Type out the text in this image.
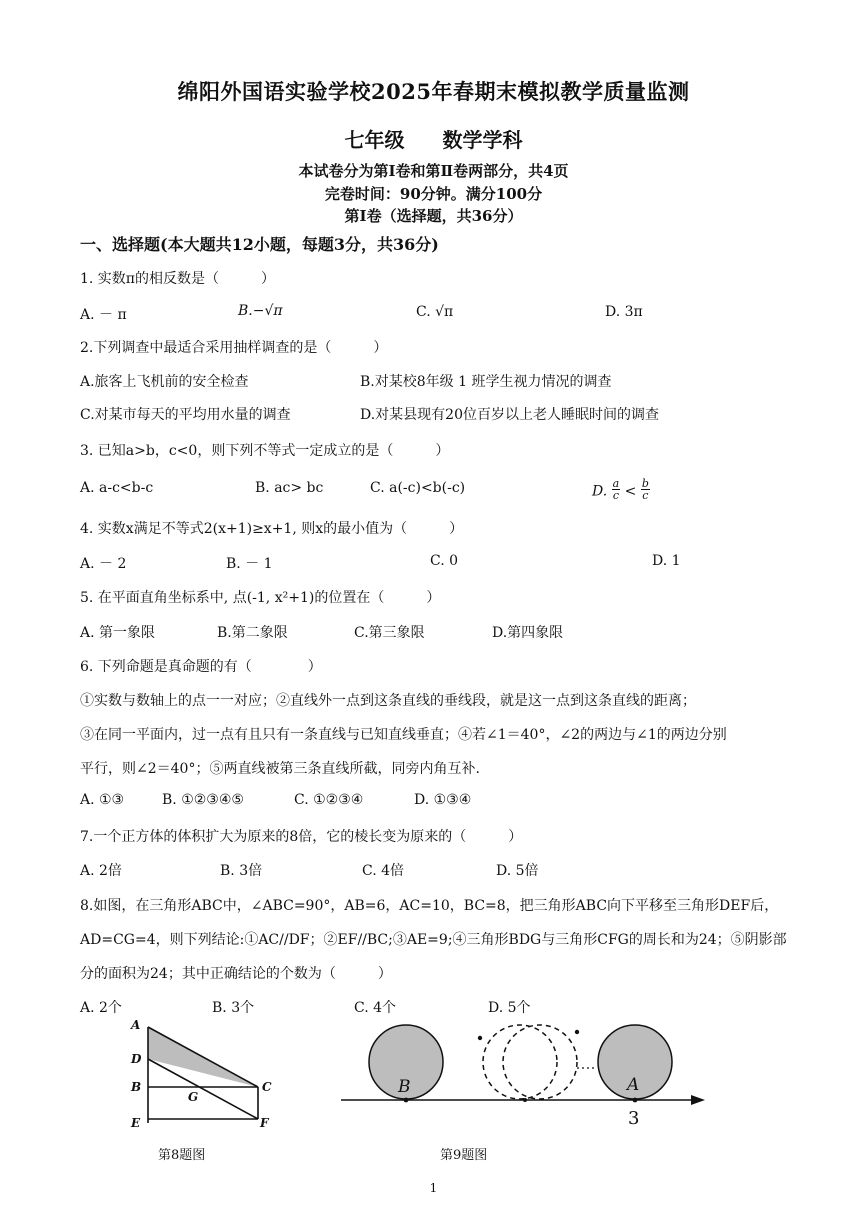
绵阳外国语实验学校2025年春期末模拟教学质量监测
七年级 数学学科
本试卷分为第Ⅰ卷和第Ⅱ卷两部分，共4页
完卷时间：90分钟。满分100分
第Ⅰ卷（选择题，共36分）
一、选择题(本大题共12小题，每题3分，共36分)
1. 实数π的相反数是（　　　）
A. － π	B.−√π	C. √π	D. 3π
2.下列调查中最适合采用抽样调查的是（　　　）
A.旅客上飞机前的安全检查	B.对某校8年级 1 班学生视力情况的调查
C.对某市每天的平均用水量的调查	D.对某县现有20位百岁以上老人睡眠时间的调查
3. 已知a>b，c<0，则下列不等式一定成立的是（　　　）
A. a-c<b-c	B. ac> bc	C. a(-c)<b(-c)	D. $\frac{a}{c} < \frac{b}{c}$
4. 实数x满足不等式2(x+1)≥x+1, 则x的最小值为（　　　）
A. － 2	B. － 1	C. 0	D. 1
5. 在平面直角坐标系中, 点(-1, x²+1)的位置在（　　　）
A. 第一象限	B.第二象限	C.第三象限	D.第四象限
6. 下列命题是真命题的有（　　　　）
①实数与数轴上的点一一对应；②直线外一点到这条直线的垂线段，就是这一点到这条直线的距离；
③在同一平面内，过一点有且只有一条直线与已知直线垂直；④若∠1＝40°，∠2的两边与∠1的两边分别
平行，则∠2＝40°；⑤两直线被第三条直线所截，同旁内角互补.
A. ①③	B. ①②③④⑤	C. ①②③④	D. ①③④
7.一个正方体的体积扩大为原来的8倍，它的棱长变为原来的（　　　）
A. 2倍	B. 3倍	C. 4倍	D. 5倍
8.如图，在三角形ABC中，∠ABC=90°，AB=6，AC=10，BC=8，把三角形ABC向下平移至三角形DEF后，
AD=CG=4，则下列结论:①AC//DF；②EF//BC;③AE=9;④三角形BDG与三角形CFG的周长和为24；⑤阴影部
分的面积为24；其中正确结论的个数为（　　　）
A. 2个	B. 3个	C. 4个	D. 5个
A
D
B
E
G
C
F
第8题图
B	A
3
第9题图
1
